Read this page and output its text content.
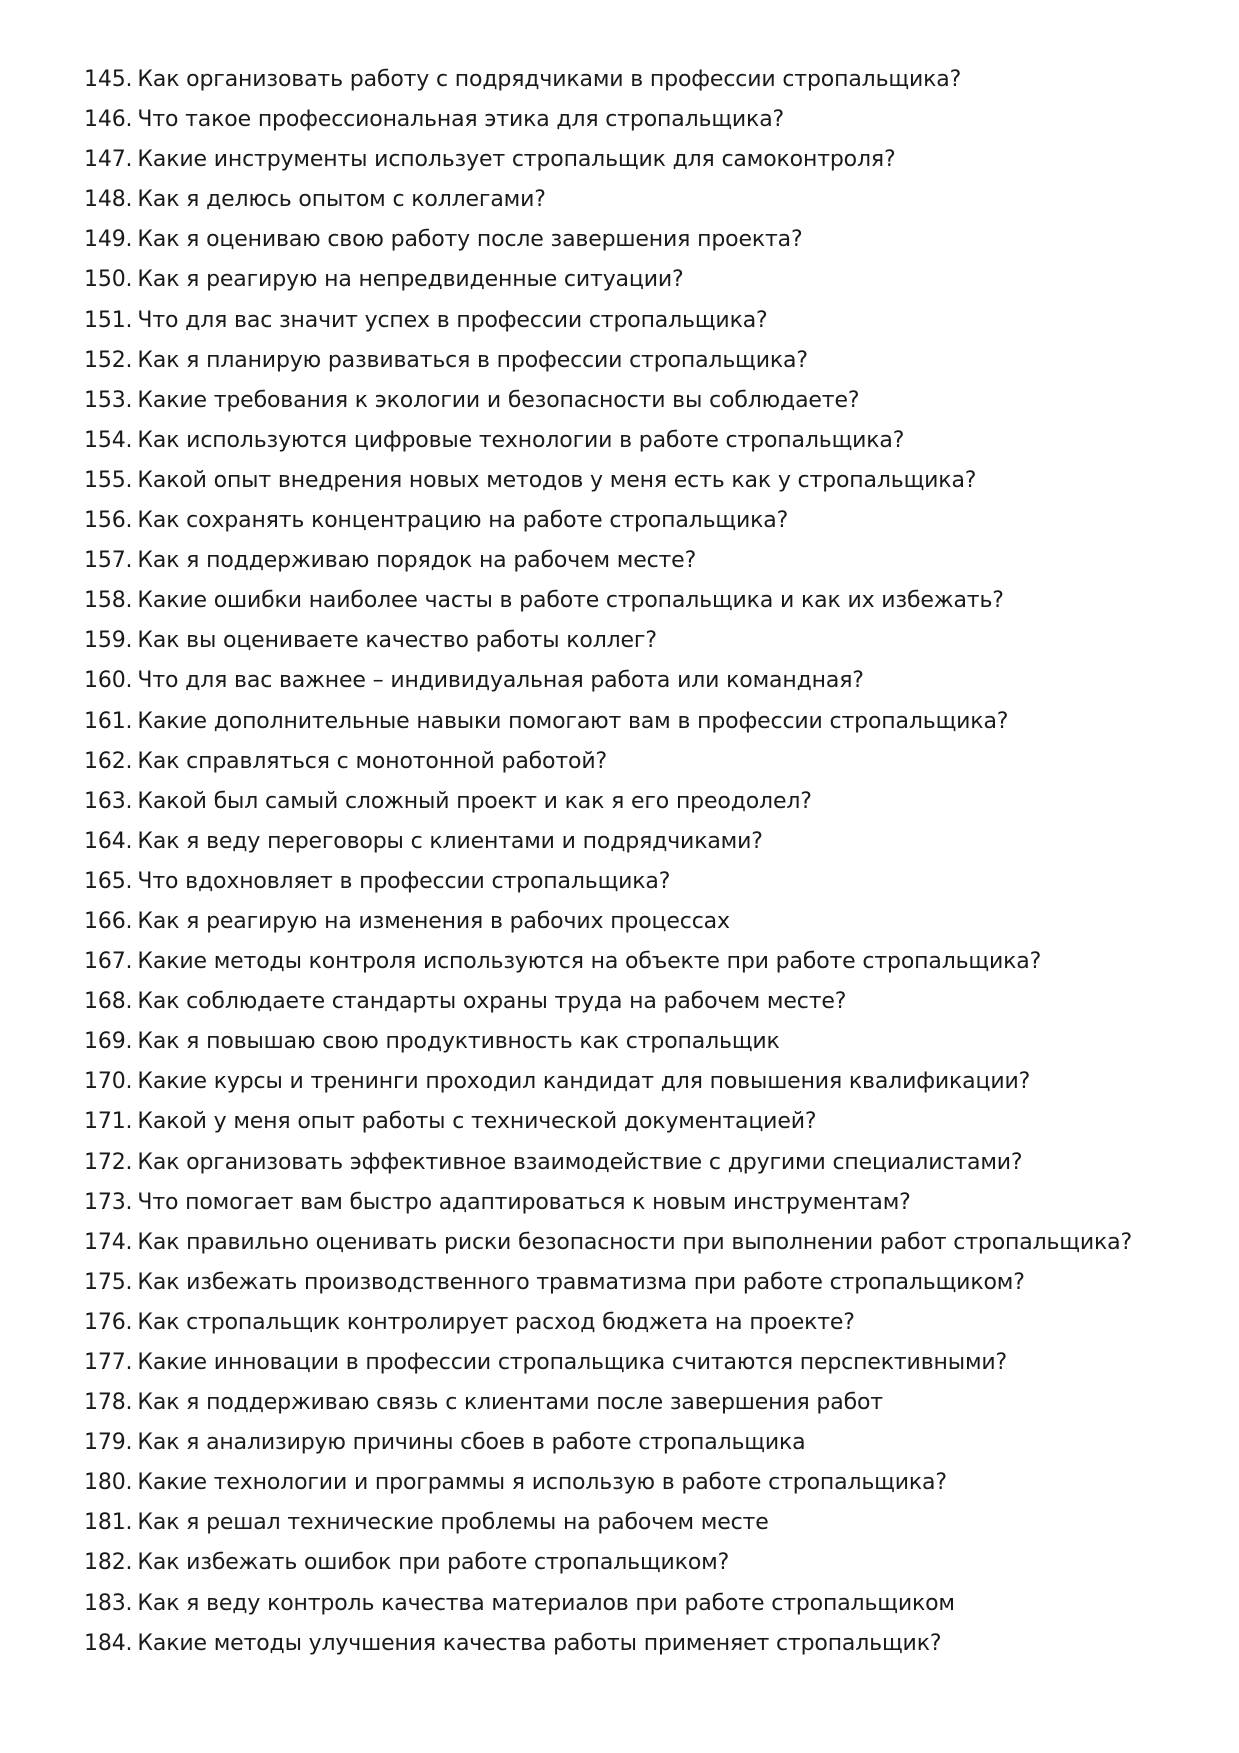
145. Как организовать работу с подрядчиками в профессии стропальщика?
146. Что такое профессиональная этика для стропальщика?
147. Какие инструменты использует стропальщик для самоконтроля?
148. Как я делюсь опытом с коллегами?
149. Как я оцениваю свою работу после завершения проекта?
150. Как я реагирую на непредвиденные ситуации?
151. Что для вас значит успех в профессии стропальщика?
152. Как я планирую развиваться в профессии стропальщика?
153. Какие требования к экологии и безопасности вы соблюдаете?
154. Как используются цифровые технологии в работе стропальщика?
155. Какой опыт внедрения новых методов у меня есть как у стропальщика?
156. Как сохранять концентрацию на работе стропальщика?
157. Как я поддерживаю порядок на рабочем месте?
158. Какие ошибки наиболее часты в работе стропальщика и как их избежать?
159. Как вы оцениваете качество работы коллег?
160. Что для вас важнее – индивидуальная работа или командная?
161. Какие дополнительные навыки помогают вам в профессии стропальщика?
162. Как справляться с монотонной работой?
163. Какой был самый сложный проект и как я его преодолел?
164. Как я веду переговоры с клиентами и подрядчиками?
165. Что вдохновляет в профессии стропальщика?
166. Как я реагирую на изменения в рабочих процессах
167. Какие методы контроля используются на объекте при работе стропальщика?
168. Как соблюдаете стандарты охраны труда на рабочем месте?
169. Как я повышаю свою продуктивность как стропальщик
170. Какие курсы и тренинги проходил кандидат для повышения квалификации?
171. Какой у меня опыт работы с технической документацией?
172. Как организовать эффективное взаимодействие с другими специалистами?
173. Что помогает вам быстро адаптироваться к новым инструментам?
174. Как правильно оценивать риски безопасности при выполнении работ стропальщика?
175. Как избежать производственного травматизма при работе стропальщиком?
176. Как стропальщик контролирует расход бюджета на проекте?
177. Какие инновации в профессии стропальщика считаются перспективными?
178. Как я поддерживаю связь с клиентами после завершения работ
179. Как я анализирую причины сбоев в работе стропальщика
180. Какие технологии и программы я использую в работе стропальщика?
181. Как я решал технические проблемы на рабочем месте
182. Как избежать ошибок при работе стропальщиком?
183. Как я веду контроль качества материалов при работе стропальщиком
184. Какие методы улучшения качества работы применяет стропальщик?
